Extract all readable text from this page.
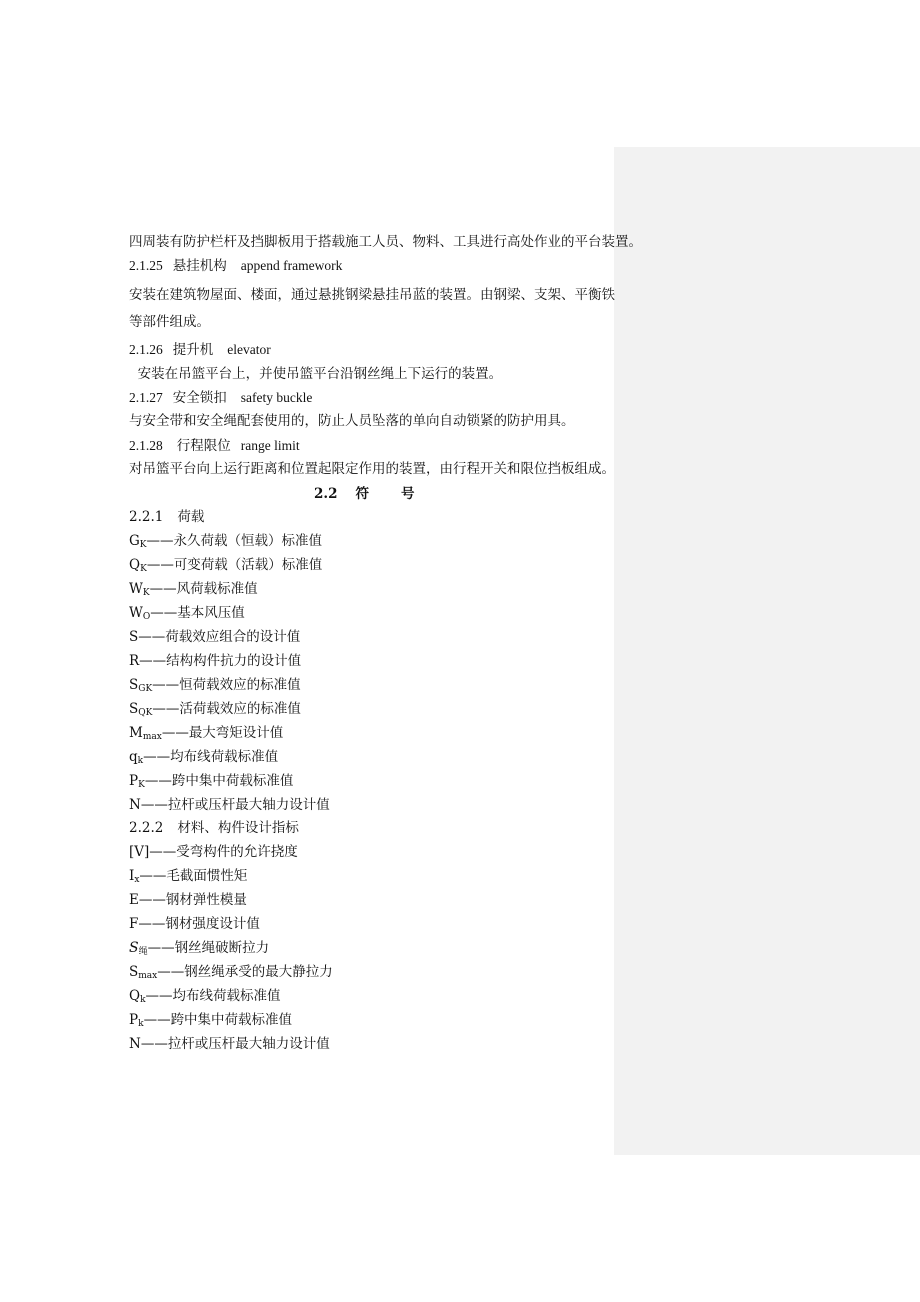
四周装有防护栏杆及挡脚板用于搭载施工人员、物料、工具进行高处作业的平台装置。
2.1.25 悬挂机构 append framework
安装在建筑物屋面、楼面，通过悬挑钢梁悬挂吊蓝的装置。由钢梁、支架、平衡铁
等部件组成。
2.1.26 提升机 elevator
安装在吊篮平台上，并使吊篮平台沿钢丝绳上下运行的装置。
2.1.27 安全锁扣 safety buckle
与安全带和安全绳配套使用的，防止人员坠落的单向自动锁紧的防护用具。
2.1.28 行程限位 range limit
对吊篮平台向上运行距离和位置起限定作用的装置，由行程开关和限位挡板组成。
2.2 符 号
2.2.1 荷载
$G_K——$永久荷载（恒载）标准值
$Q_K——$可变荷载（活载）标准值
$W_K——$风荷载标准值
$W_O——$基本风压值
S——荷载效应组合的设计值
R——结构构件抗力的设计值
$S_{GK}——$恒荷载效应的标准值
$S_{QK}——$活荷载效应的标准值
$M_{max}——$最大弯矩设计值
$q_k——$均布线荷载标准值
$P_K——$跨中集中荷载标准值
N——拉杆或压杆最大轴力设计值
2.2.2 材料、构件设计指标
[V]——受弯构件的允许挠度
$I_x——$毛截面惯性矩
E——钢材弹性模量
F——钢材强度设计值
$S_绳——$钢丝绳破断拉力
$S_{max}——$钢丝绳承受的最大静拉力
$Q_k——$均布线荷载标准值
$P_k——$跨中集中荷载标准值
N——拉杆或压杆最大轴力设计值
